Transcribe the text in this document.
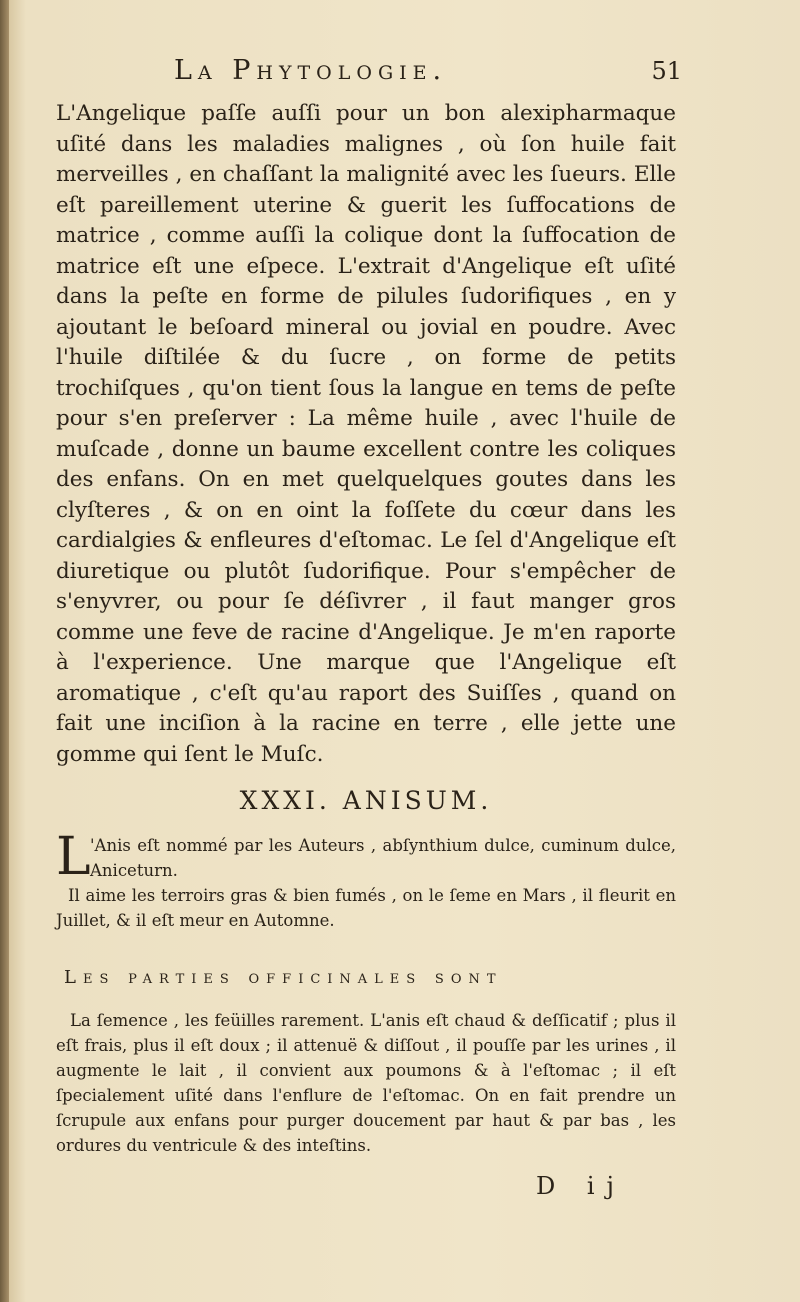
La Phytologie.	51

L'Angelique paſſe auſſi pour un bon alexipharmaque uſité dans les maladies malignes , où ſon huile fait merveilles , en chaſſant la malignité avec les ſueurs. Elle eſt pareillement uterine & guerit les ſuffocations de matrice , comme auſſi la colique dont la ſuffocation de matrice eſt une eſpece. L'extrait d'Angelique eſt uſité dans la peſte en forme de pilules ſudorifiques , en y ajoutant le beſoard mineral ou jovial en poudre. Avec l'huile diſtilée & du ſucre , on forme de petits trochiſques , qu'on tient ſous la langue en tems de peſte pour s'en preſerver : La même huile , avec l'huile de muſcade , donne un baume excellent contre les coliques des enfans. On en met quelquelques goutes dans les clyſteres , & on en oint la foſſete du cœur dans les cardialgies & enfleures d'eſtomac. Le ſel d'Angelique eſt diuretique ou plutôt ſudorifique. Pour s'empêcher de s'enyvrer, ou pour ſe déſivrer , il faut manger gros comme une feve de racine d'Angelique. Je m'en raporte à l'experience. Une marque que l'Angelique eſt aromatique , c'eſt qu'au raport des Suiſſes , quand on fait une inciſion à la racine en terre , elle jette une gomme qui ſent le Muſc.

XXXI. ANISUM.
L 'Anis eſt nommé par les Auteurs , abſynthium dulce, cuminum dulce, Aniceturn.

Il aime les terroirs gras & bien fumés , on le ſeme en Mars , il fleurit en Juillet, & il eſt meur en Automne.

Les parties officinales sont

La ſemence , les feüilles rarement. L'anis eſt chaud & deſſicatif ; plus il eſt frais, plus il eſt doux ; il attenuë & diſſout , il pouſſe par les urines , il augmente le lait , il convient aux poumons & à l'eſtomac ; il eſt ſpecialement uſité dans l'enflure de l'eſtomac. On en fait prendre un ſcrupule aux enfans pour purger doucement par haut & par bas , les ordures du ventricule & des inteſtins.

D ij
